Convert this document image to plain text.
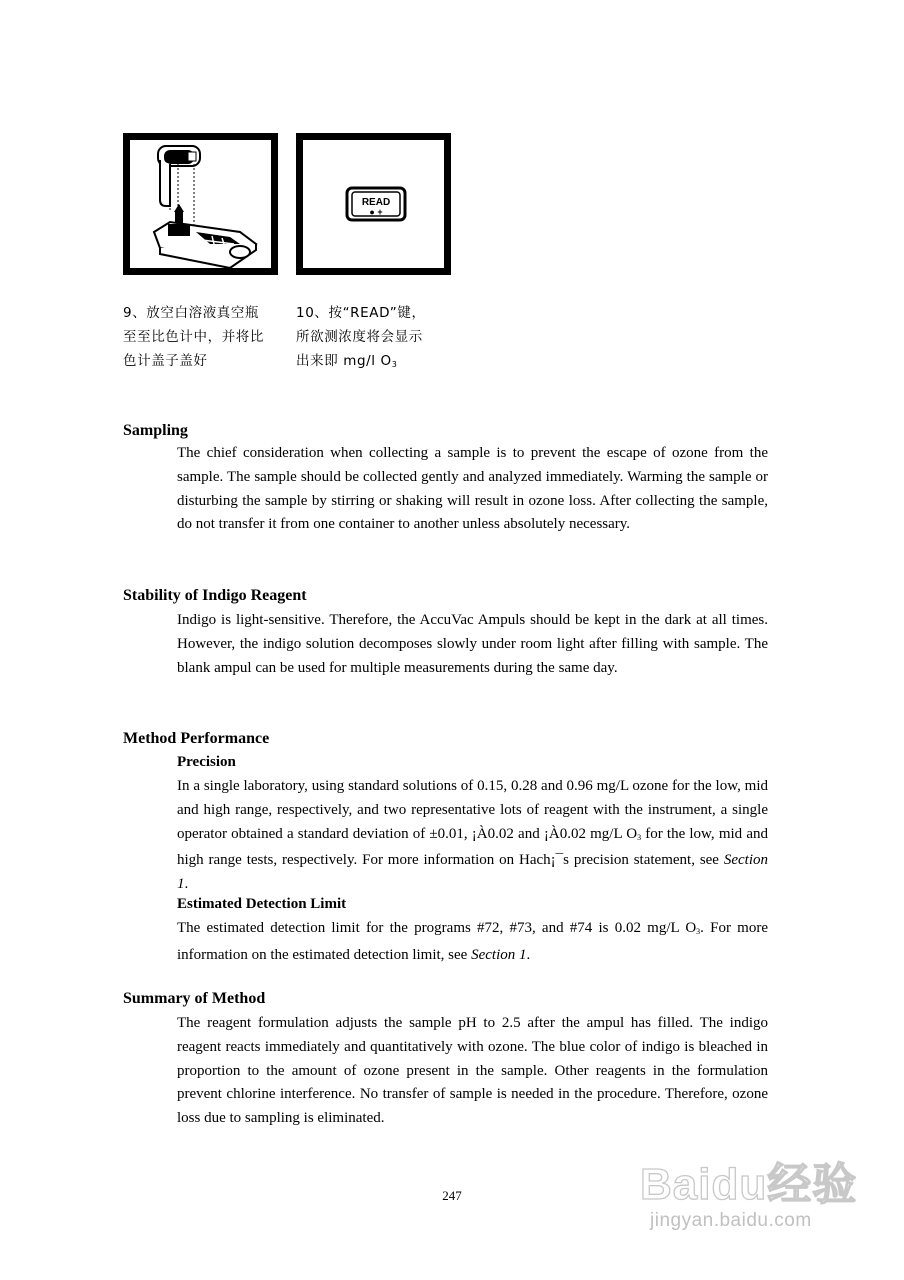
READ
● +
9、放空白溶液真空瓶
至至比色计中，并将比
色计盖子盖好
10、按“READ”键，
所欲测浓度将会显示
出来即 mg/l O3
Sampling
The chief consideration when collecting a sample is to prevent the escape of ozone from the sample. The sample should be collected gently and analyzed immediately. Warming the sample or disturbing the sample by stirring or shaking will result in ozone loss. After collecting the sample, do not transfer it from one container to another unless absolutely necessary.
Stability of Indigo Reagent
Indigo is light-sensitive. Therefore, the AccuVac Ampuls should be kept in the dark at all times. However, the indigo solution decomposes slowly under room light after filling with sample. The blank ampul can be used for multiple measurements during the same day.
Method Performance
Precision
In a single laboratory, using standard solutions of 0.15, 0.28 and 0.96 mg/L ozone for the low, mid and high range, respectively, and two representative lots of reagent with the instrument, a single operator obtained a standard deviation of ±0.01, ¡À0.02 and ¡À0.02 mg/L O3 for the low, mid and high range tests, respectively. For more information on Hach¡¯s precision statement, see Section 1.
Estimated Detection Limit
The estimated detection limit for the programs #72, #73, and #74 is 0.02 mg/L O3. For more information on the estimated detection limit, see Section 1.
Summary of Method
The reagent formulation adjusts the sample pH to 2.5 after the ampul has filled. The indigo reagent reacts immediately and quantitatively with ozone. The blue color of indigo is bleached in proportion to the amount of ozone present in the sample. Other reagents in the formulation prevent chlorine interference. No transfer of sample is needed in the procedure. Therefore, ozone loss due to sampling is eliminated.
247	Baidu经验
jingyan.baidu.com
